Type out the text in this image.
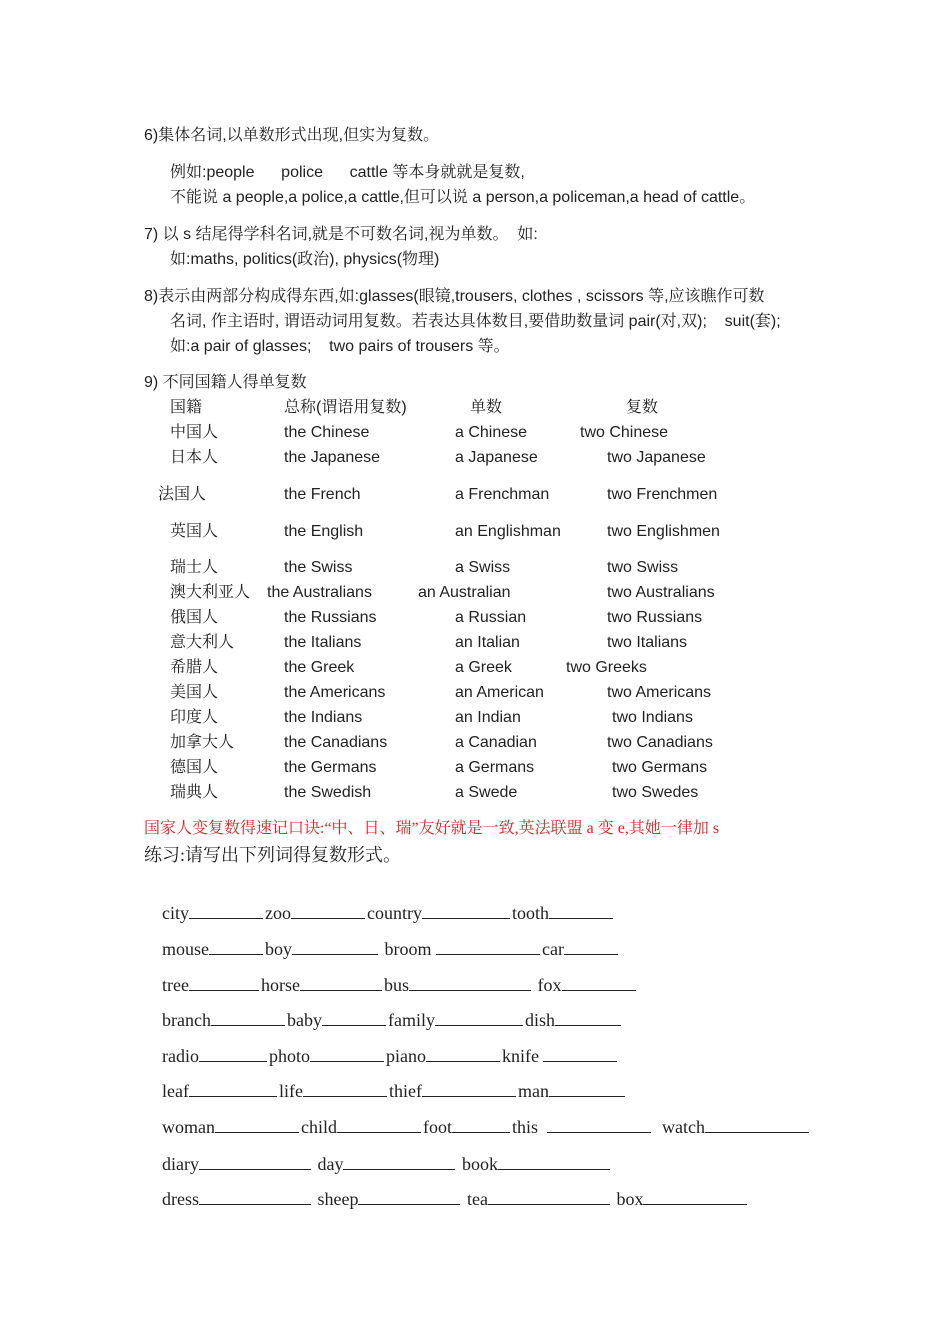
6)集体名词,以单数形式出现,但实为复数。
例如:people      police      cattle 等本身就就是复数,
不能说 a people,a police,a cattle,但可以说 a person,a policeman,a head of cattle。
7) 以 s 结尾得学科名词,就是不可数名词,视为单数。  如:
如:maths, politics(政治), physics(物理)
8)表示由两部分构成得东西,如:glasses(眼镜,trousers, clothes , scissors 等,应该瞧作可数
名词, 作主语时, 谓语动词用复数。若表达具体数目,要借助数量词 pair(对,双);    suit(套);
如:a pair of glasses;    two pairs of trousers 等。
9) 不同国籍人得单复数
国籍	总称(谓语用复数)	单数	复数
中国人	the Chinese	a Chinese	two Chinese
日本人	the Japanese	a Japanese	two Japanese
法国人	the French	a Frenchman	two Frenchmen
英国人	the English	an Englishman	two Englishmen
瑞士人	the Swiss	a Swiss	two Swiss
澳大利亚人 the Australians	an Australian	two Australians
俄国人	the Russians	a Russian	two Russians
意大利人	the Italians	an Italian	two Italians
希腊人	the Greek	a Greek	two Greeks
美国人	the Americans	an American	two Americans
印度人	the Indians	an Indian	two Indians
加拿大人	the Canadians	a Canadian	two Canadians
德国人	the Germans	a Germans	two Germans
瑞典人	the Swedish	a Swede	two Swedes
国家人变复数得速记口诀:“中、日、瑞”友好就是一致,英法联盟 a 变 e,其她一律加 s
练习:请写出下列词得复数形式。

city	zoo	country	tooth

mouse	boy	broom	car

tree	horse	bus	fox

branch	baby	family	dish

radio	photo	piano	knife

leaf	life	thief	man

woman	child	foot	this	watch

diary	day	book

dress	sheep	tea	box
